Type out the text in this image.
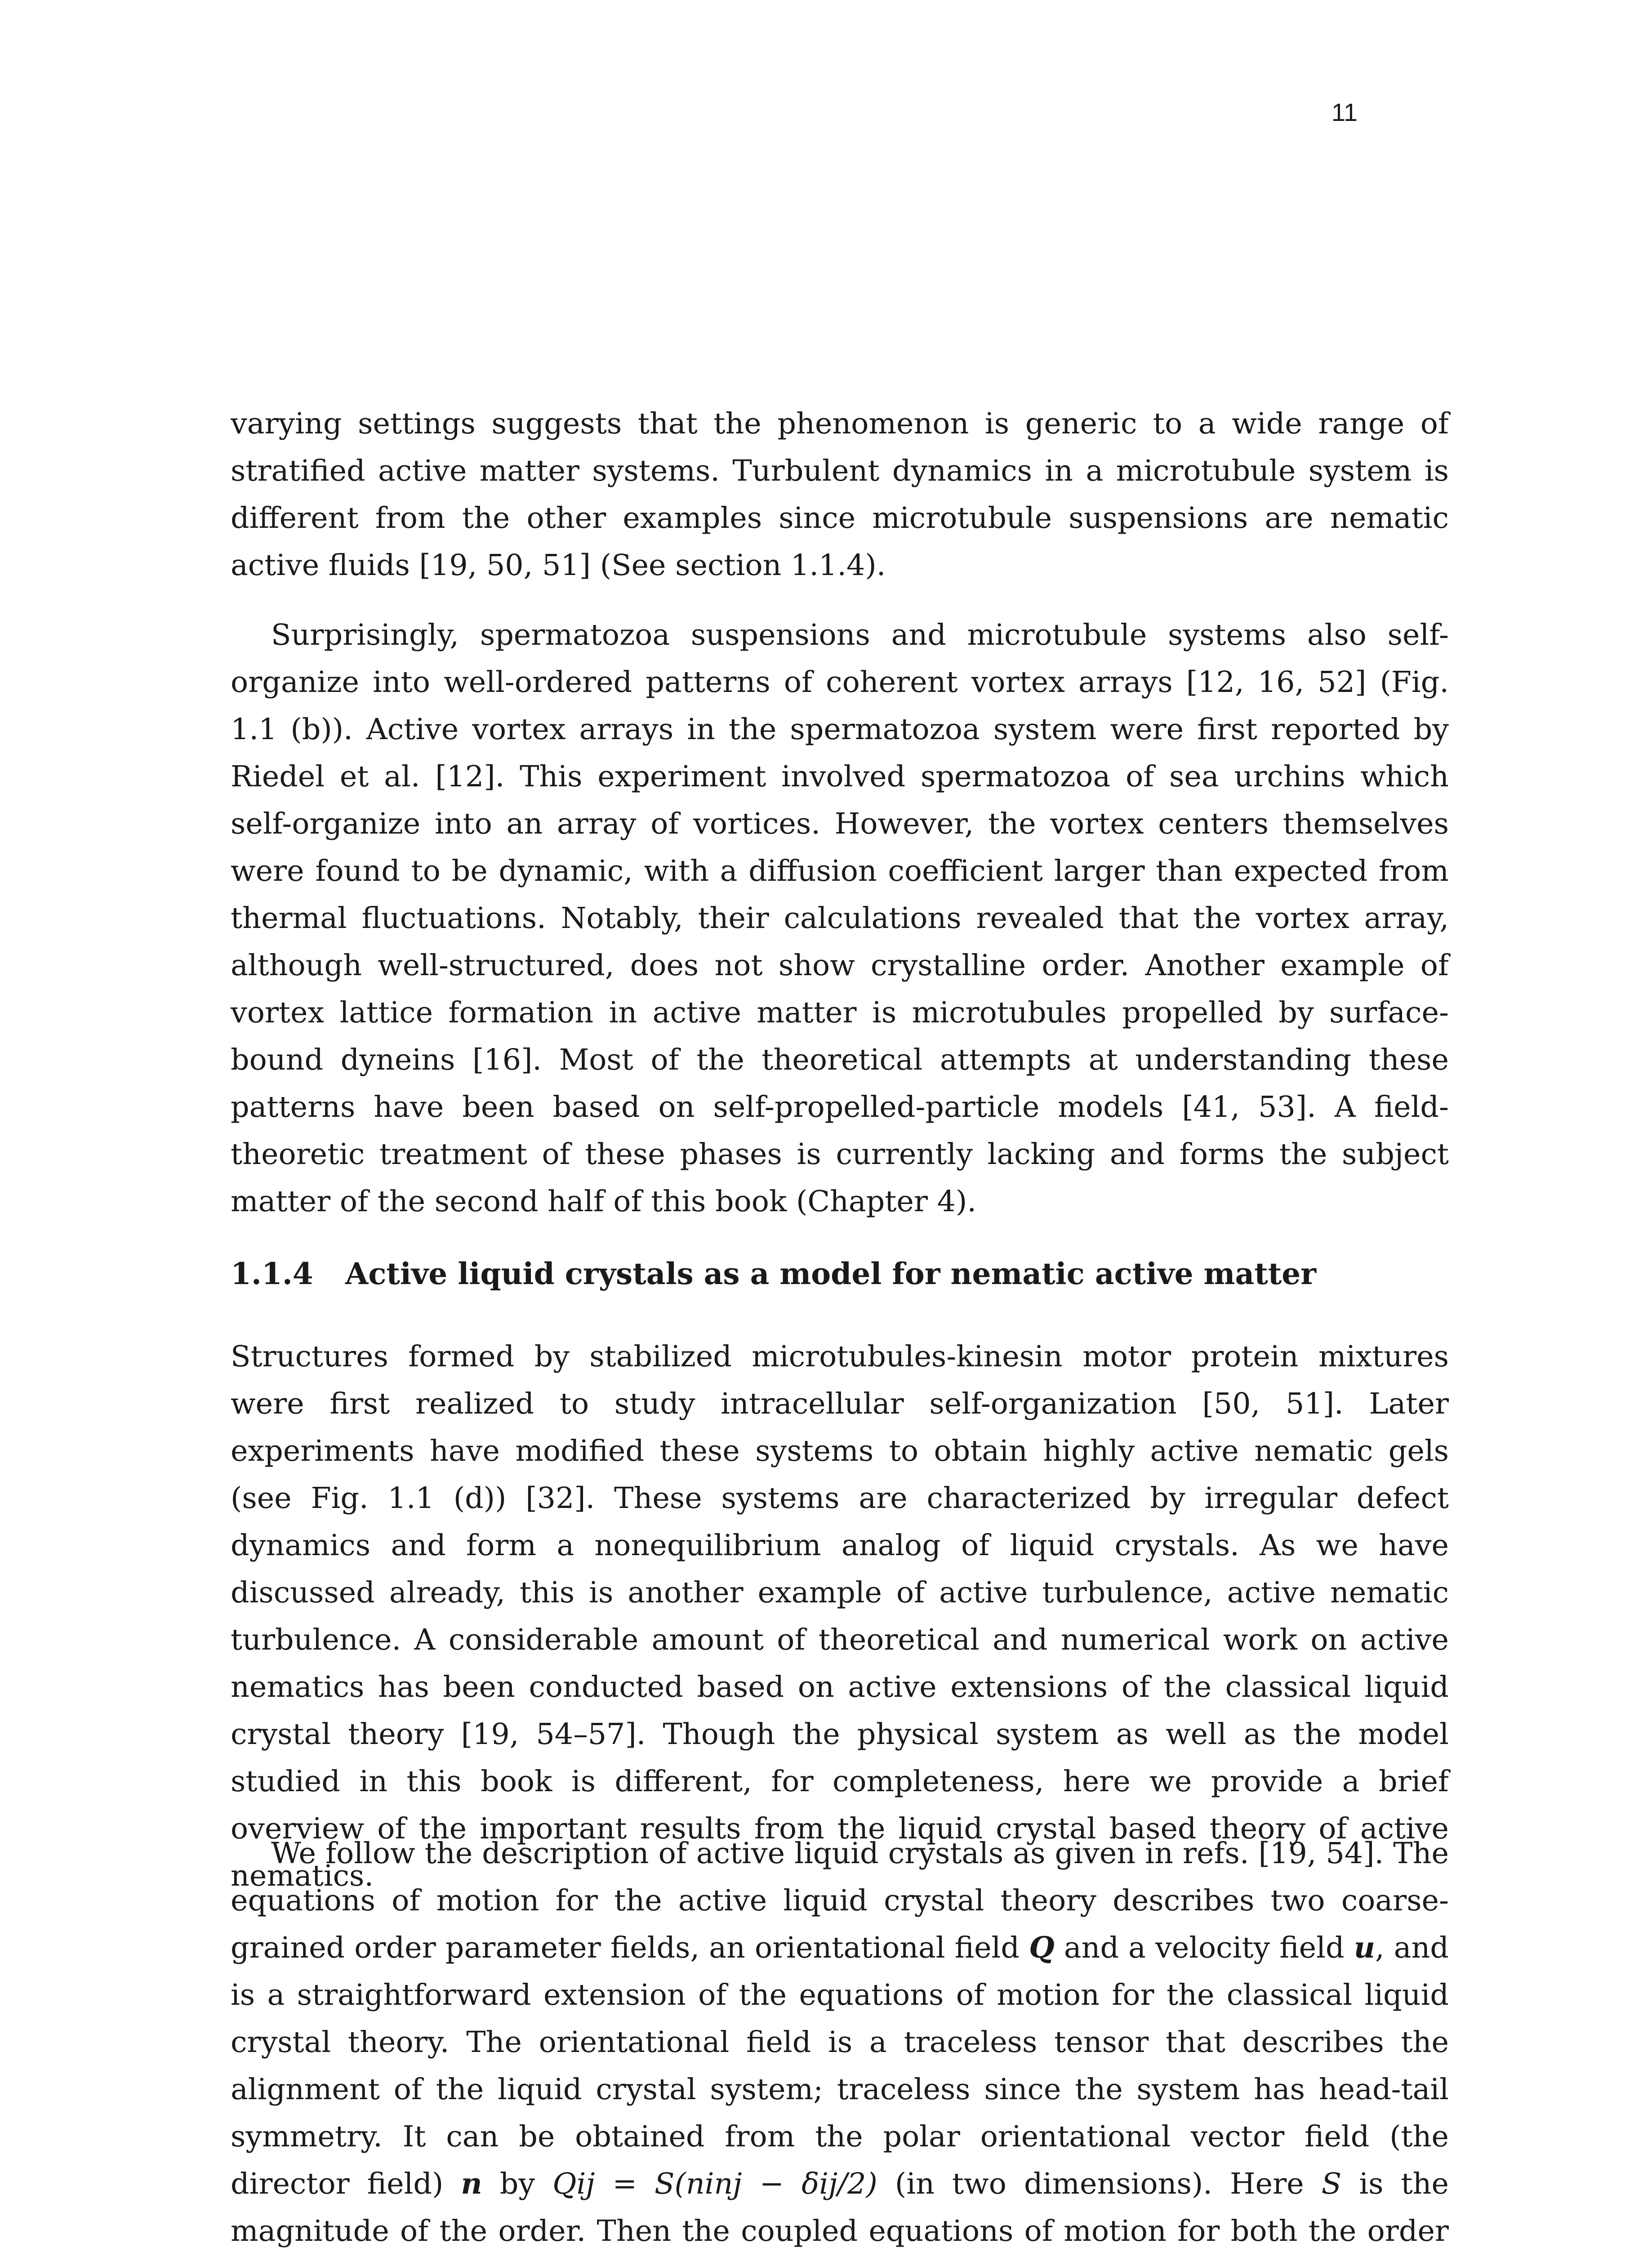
11

varying settings suggests that the phenomenon is generic to a wide range of stratified active matter systems. Turbulent dynamics in a microtubule system is different from the other examples since microtubule suspensions are nematic active fluids [19, 50, 51] (See section 1.1.4).

Surprisingly, spermatozoa suspensions and microtubule systems also self-organize into well-ordered patterns of coherent vortex arrays [12, 16, 52] (Fig. 1.1 (b)). Active vortex arrays in the spermatozoa system were first reported by Riedel et al. [12]. This experiment involved spermatozoa of sea urchins which self-organize into an array of vortices. However, the vortex centers themselves were found to be dynamic, with a diffusion coefficient larger than expected from thermal fluctuations. Notably, their calculations revealed that the vortex array, although well-structured, does not show crystalline order. Another example of vortex lattice formation in active matter is microtubules propelled by surface-bound dyneins [16]. Most of the theoretical attempts at understanding these patterns have been based on self-propelled-particle models [41, 53]. A field-theoretic treatment of these phases is currently lacking and forms the subject matter of the second half of this book (Chapter 4).

1.1.4 Active liquid crystals as a model for nematic active matter

Structures formed by stabilized microtubules-kinesin motor protein mixtures were first realized to study intracellular self-organization [50, 51]. Later experiments have modified these systems to obtain highly active nematic gels (see Fig. 1.1 (d)) [32]. These systems are characterized by irregular defect dynamics and form a nonequilibrium analog of liquid crystals. As we have discussed already, this is another example of active turbulence, active nematic turbulence. A considerable amount of theoretical and numerical work on active nematics has been conducted based on active extensions of the classical liquid crystal theory [19, 54–57]. Though the physical system as well as the model studied in this book is different, for completeness, here we provide a brief overview of the important results from the liquid crystal based theory of active nematics.

We follow the description of active liquid crystals as given in refs. [19, 54]. The equations of motion for the active liquid crystal theory describes two coarse-grained order parameter fields, an orientational field Q and a velocity field u, and is a straightforward extension of the equations of motion for the classical liquid crystal theory. The orientational field is a traceless tensor that describes the alignment of the liquid crystal system; traceless since the system has head-tail symmetry. It can be obtained from the polar orientational vector field (the director field) n by Qij = S(ninj − δij/2) (in two dimensions). Here S is the magnitude of the order. Then the coupled equations of motion for both the order
